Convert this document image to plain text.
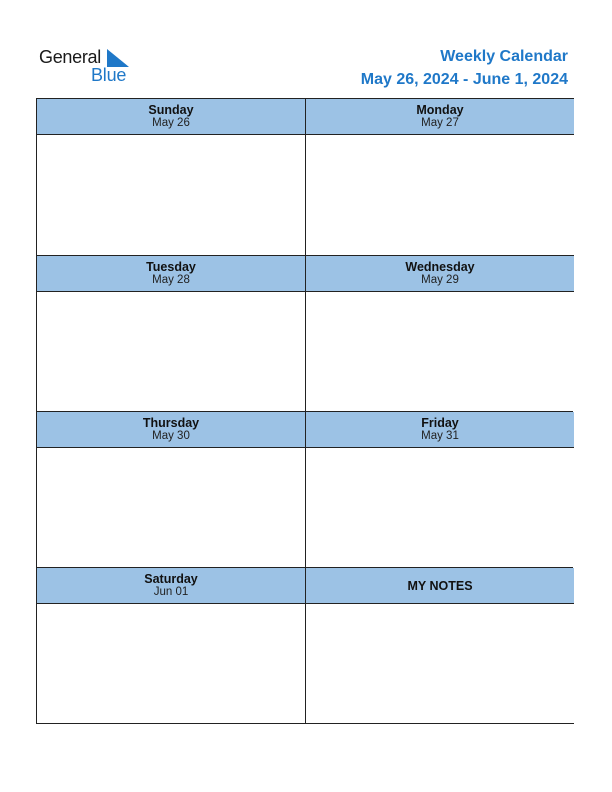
General
Blue
Weekly Calendar
May 26, 2024 - June 1, 2024
Sunday
May 26
Monday
May 27
Tuesday
May 28
Wednesday
May 29
Thursday
May 30
Friday
May 31
Saturday
Jun 01	MY NOTES
